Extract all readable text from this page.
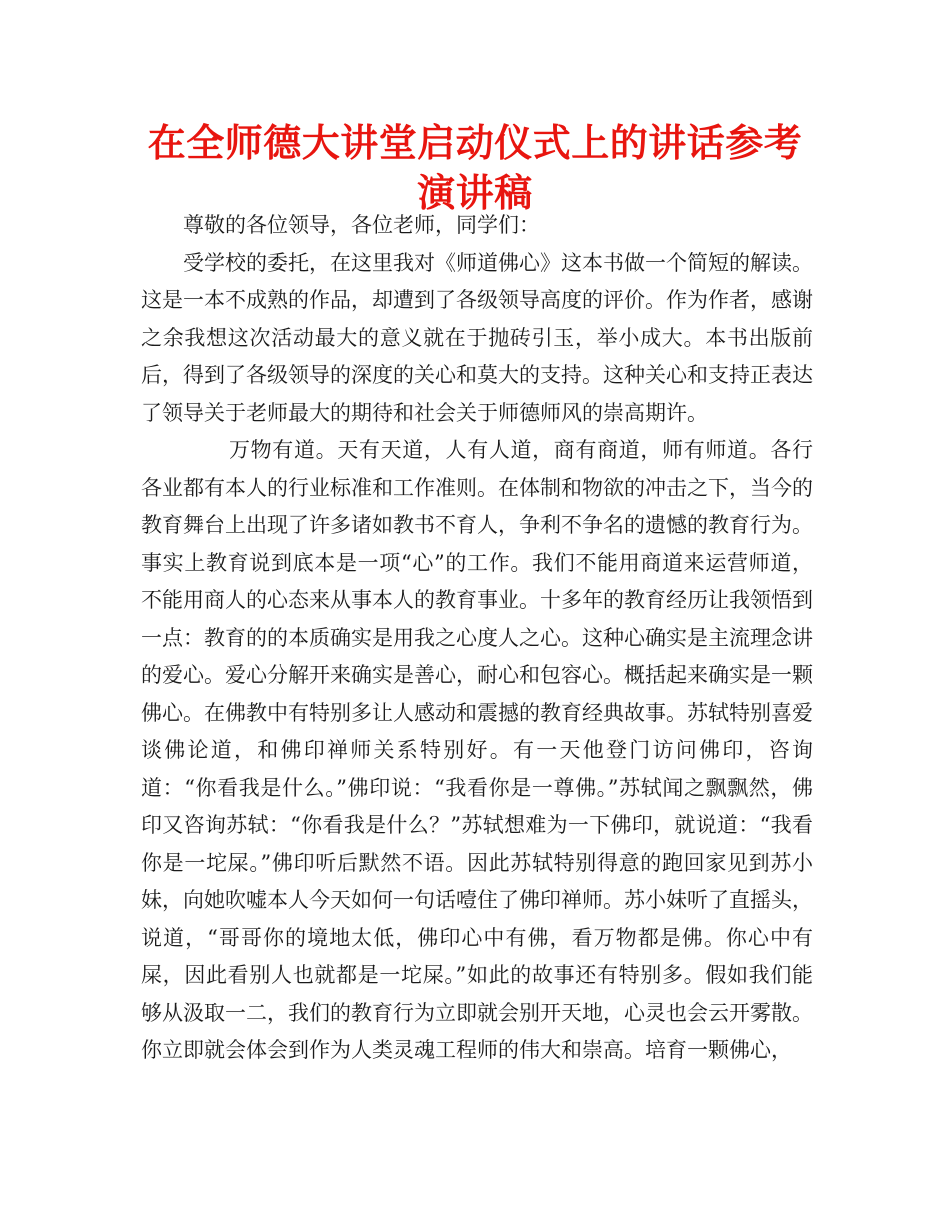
在全师德大讲堂启动仪式上的讲话参考演讲稿

尊敬的各位领导，各位老师，同学们：

受学校的委托，在这里我对《师道佛心》这本书做一个简短的解读。这是一本不成熟的作品，却遭到了各级领导高度的评价。作为作者，感谢之余我想这次活动最大的意义就在于抛砖引玉，举小成大。本书出版前后，得到了各级领导的深度的关心和莫大的支持。这种关心和支持正表达了领导关于老师最大的期待和社会关于师德师风的崇高期许。

万物有道。天有天道，人有人道，商有商道，师有师道。各行各业都有本人的行业标准和工作准则。在体制和物欲的冲击之下，当今的教育舞台上出现了许多诸如教书不育人，争利不争名的遗憾的教育行为。事实上教育说到底本是一项“心”的工作。我们不能用商道来运营师道，不能用商人的心态来从事本人的教育事业。十多年的教育经历让我领悟到一点：教育的的本质确实是用我之心度人之心。这种心确实是主流理念讲的爱心。爱心分解开来确实是善心，耐心和包容心。概括起来确实是一颗佛心。在佛教中有特别多让人感动和震撼的教育经典故事。苏轼特别喜爱谈佛论道，和佛印禅师关系特别好。有一天他登门访问佛印，咨询道：“你看我是什么。”佛印说：“我看你是一尊佛。”苏轼闻之飘飘然，佛印又咨询苏轼：“你看我是什么？”苏轼想难为一下佛印，就说道：“我看你是一坨屎。”佛印听后默然不语。因此苏轼特别得意的跑回家见到苏小妹，向她吹嘘本人今天如何一句话噎住了佛印禅师。苏小妹听了直摇头，说道，“哥哥你的境地太低，佛印心中有佛，看万物都是佛。你心中有屎，因此看别人也就都是一坨屎。”如此的故事还有特别多。假如我们能够从汲取一二，我们的教育行为立即就会别开天地，心灵也会云开雾散。你立即就会体会到作为人类灵魂工程师的伟大和崇高。培育一颗佛心，
